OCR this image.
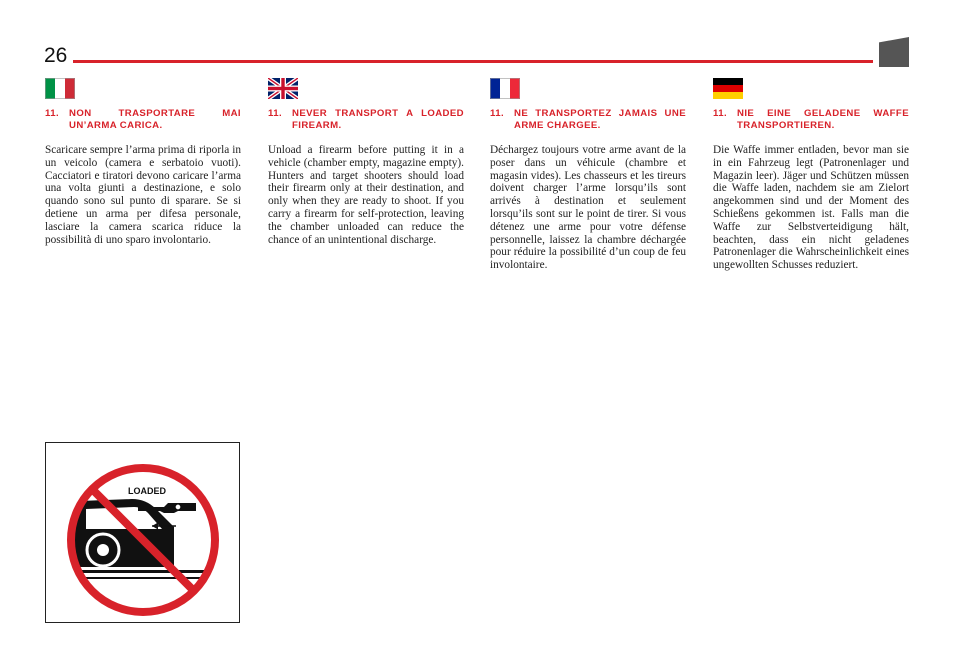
26
11.	NON TRASPORTARE MAI UN’ARMA CARICA.
Scaricare sempre l’arma prima di riporla in un veicolo (camera e serbatoio vuoti). Cacciatori e tiratori devono caricare l’arma una volta giunti a destinazione, e solo quando sono sul punto di sparare. Se si detiene un arma per difesa personale, lasciare la camera scarica riduce la possibilità di uno sparo involontario.
11.	NEVER TRANSPORT A LOADED FIREARM.
Unload a firearm before putting it in a vehicle (chamber empty, magazine empty). Hunters and target shooters should load their firearm only at their destination, and only when they are ready to shoot. If you carry a firearm for self-protection, leaving the chamber unloaded can reduce the chance of an unintentional discharge.
11.	NE TRANSPORTEZ JAMAIS UNE ARME CHARGEE.
Déchargez toujours votre arme avant de la poser dans un véhicule (chambre et magasin vides). Les chasseurs et les tireurs doivent charger l’arme lorsqu’ils sont arrivés à destination et seulement lorsqu’ils sont sur le point de tirer. Si vous détenez une arme pour votre défense personnelle, laissez la chambre déchargée pour réduire la possibilité d’un coup de feu involontaire.
11.	NIE EINE GELADENE WAFFE TRANSPORTIEREN.
Die Waffe immer entladen, bevor man sie in ein Fahrzeug legt (Patronenlager und Magazin leer). Jäger und Schützen müssen die Waffe laden, nachdem sie am Zielort angekommen sind und der Moment des Schießens gekommen ist. Falls man die Waffe zur Selbstverteidigung hält, beachten, dass ein nicht geladenes Patronenlager die Wahrscheinlichkeit eines ungewollten Schusses reduziert.
LOADED
